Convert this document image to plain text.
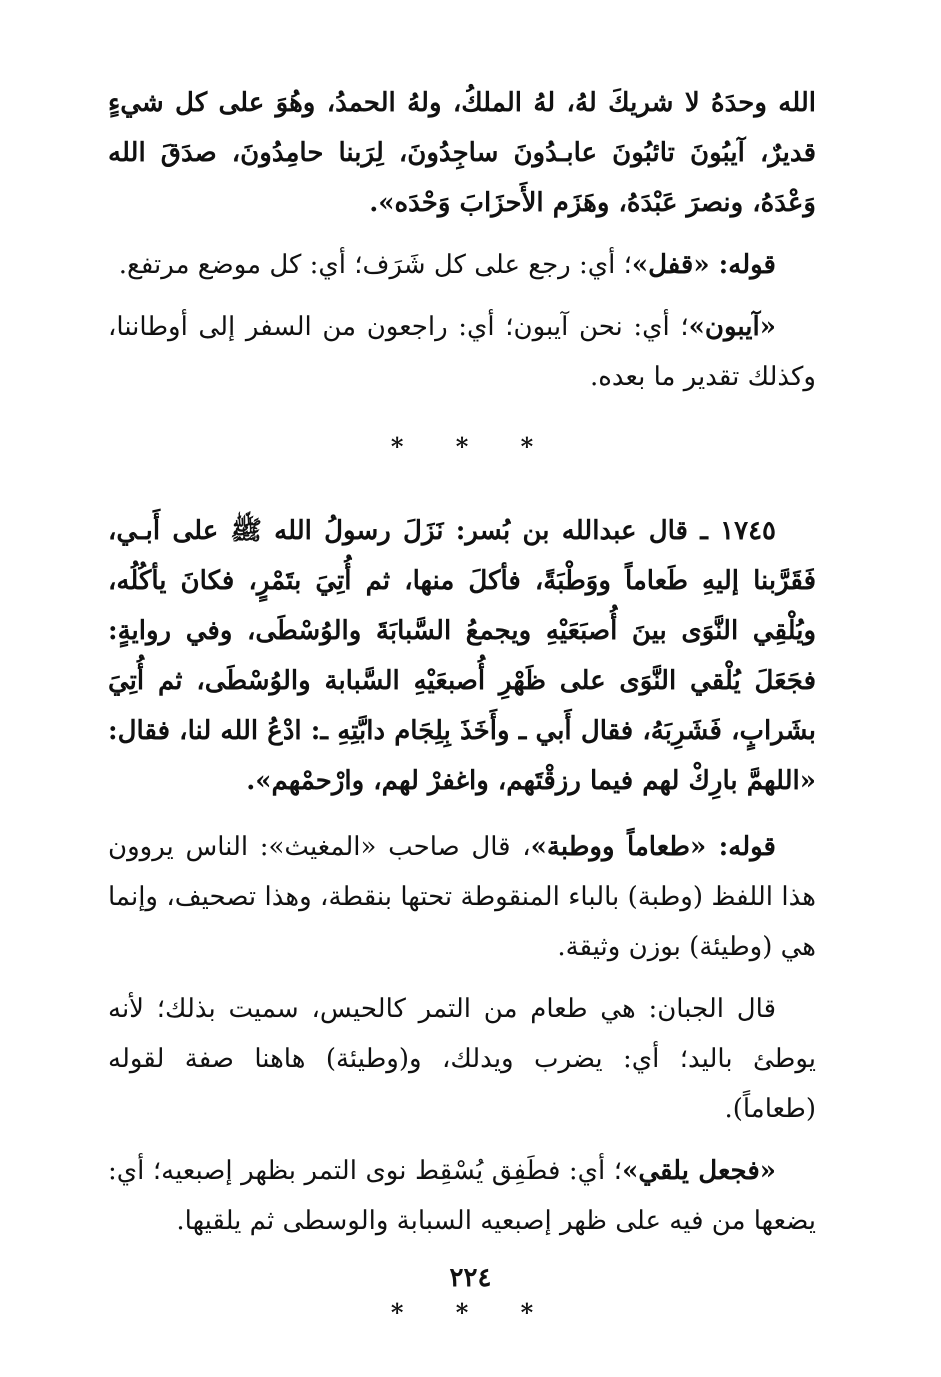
الله وحدَهُ لا شريكَ لهُ، لهُ الملكُ، ولهُ الحمدُ، وهُوَ على كل شيءٍ قديرٌ، آيبُونَ تائبُونَ عابـدُونَ ساجِدُونَ، لِرَبنا حامِدُونَ، صدَقَ الله وَعْدَهُ، ونصرَ عَبْدَهُ، وهَزَم الأَحزَابَ وَحْدَه».

قوله: «قفل»؛ أي: رجع على كل شَرَف؛ أي: كل موضع مرتفع.

«آيبون»؛ أي: نحن آيبون؛ أي: راجعون من السفر إلى أوطاننا، وكذلك تقدير ما بعده.

* * *

١٧٤٥ ـ قال عبدالله بن بُسر: نَزَلَ رسولُ الله ﷺ على أَبـي، فَقَرَّبنا إليهِ طَعاماً ووَطْبَةً، فأكلَ منها، ثم أُتِيَ بتَمْرٍ، فكانَ يأكُلُه، ويُلْقِي النَّوَى بينَ أُصبَعَيْهِ ويجمعُ السَّبابَةَ والوُسْطَى، وفي روايةٍ: فجَعَلَ يُلْقي النَّوَى على ظَهْرِ أُصبعَيْهِ السَّبابة والوُسْطَى، ثم أُتِيَ بشَرابٍ، فَشَرِبَهُ، فقال أَبي ـ وأَخَذَ بِلِجَام دابَّتِهِ ـ: ادْعُ الله لنا، فقال: «اللهمَّ بارِكْ لهم فيما رزقْتَهم، واغفرْ لهم، وارْحمْهم».

قوله: «طعاماً ووطبة»، قال صاحب «المغيث»: الناس يروون هذا اللفظ (وطبة) بالباء المنقوطة تحتها بنقطة، وهذا تصحيف، وإنما هي (وطيئة) بوزن وثيقة.

قال الجبان: هي طعام من التمر كالحيس، سميت بذلك؛ لأنه يوطئ باليد؛ أي: يضرب ويدلك، و(وطيئة) هاهنا صفة لقوله (طعاماً).

«فجعل يلقي»؛ أي: فطَفِق يُسْقِط نوى التمر بظهر إصبعيه؛ أي: يضعها من فيه على ظهر إصبعيه السبابة والوسطى ثم يلقيها.

* * *
٢٢٤
